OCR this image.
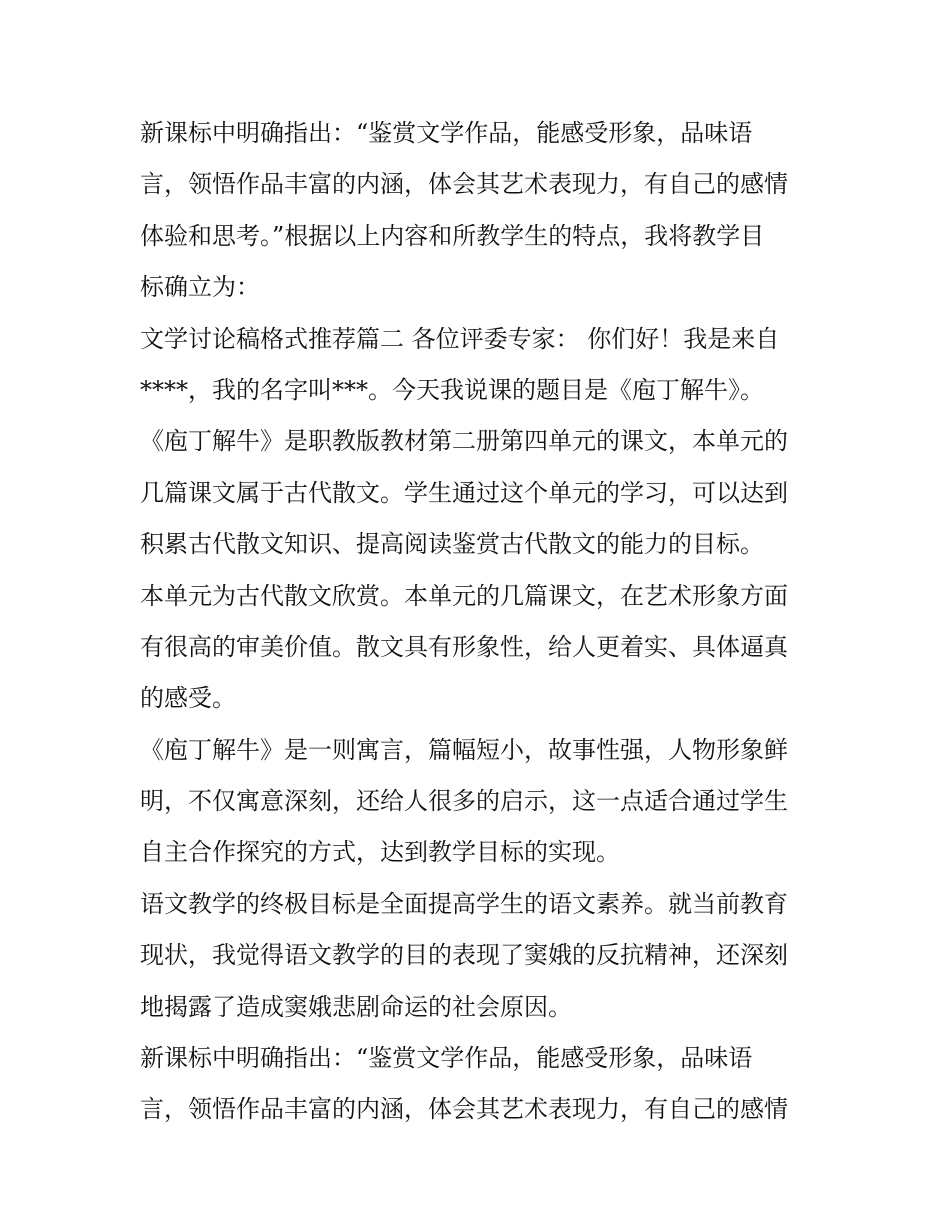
新课标中明确指出：“鉴赏文学作品，能感受形象，品味语
言，领悟作品丰富的内涵，体会其艺术表现力，有自己的感情
体验和思考。”根据以上内容和所教学生的特点，我将教学目
标确立为：
文学讨论稿格式推荐篇二 各位评委专家： 你们好！我是来自
****，我的名字叫***。今天我说课的题目是《庖丁解牛》。
《庖丁解牛》是职教版教材第二册第四单元的课文，本单元的
几篇课文属于古代散文。学生通过这个单元的学习，可以达到
积累古代散文知识、提高阅读鉴赏古代散文的能力的目标。
本单元为古代散文欣赏。本单元的几篇课文，在艺术形象方面
有很高的审美价值。散文具有形象性，给人更着实、具体逼真
的感受。
《庖丁解牛》是一则寓言，篇幅短小，故事性强，人物形象鲜
明，不仅寓意深刻，还给人很多的启示，这一点适合通过学生
自主合作探究的方式，达到教学目标的实现。
语文教学的终极目标是全面提高学生的语文素养。就当前教育
现状，我觉得语文教学的目的表现了窦娥的反抗精神，还深刻
地揭露了造成窦娥悲剧命运的社会原因。
新课标中明确指出：“鉴赏文学作品，能感受形象，品味语
言，领悟作品丰富的内涵，体会其艺术表现力，有自己的感情
